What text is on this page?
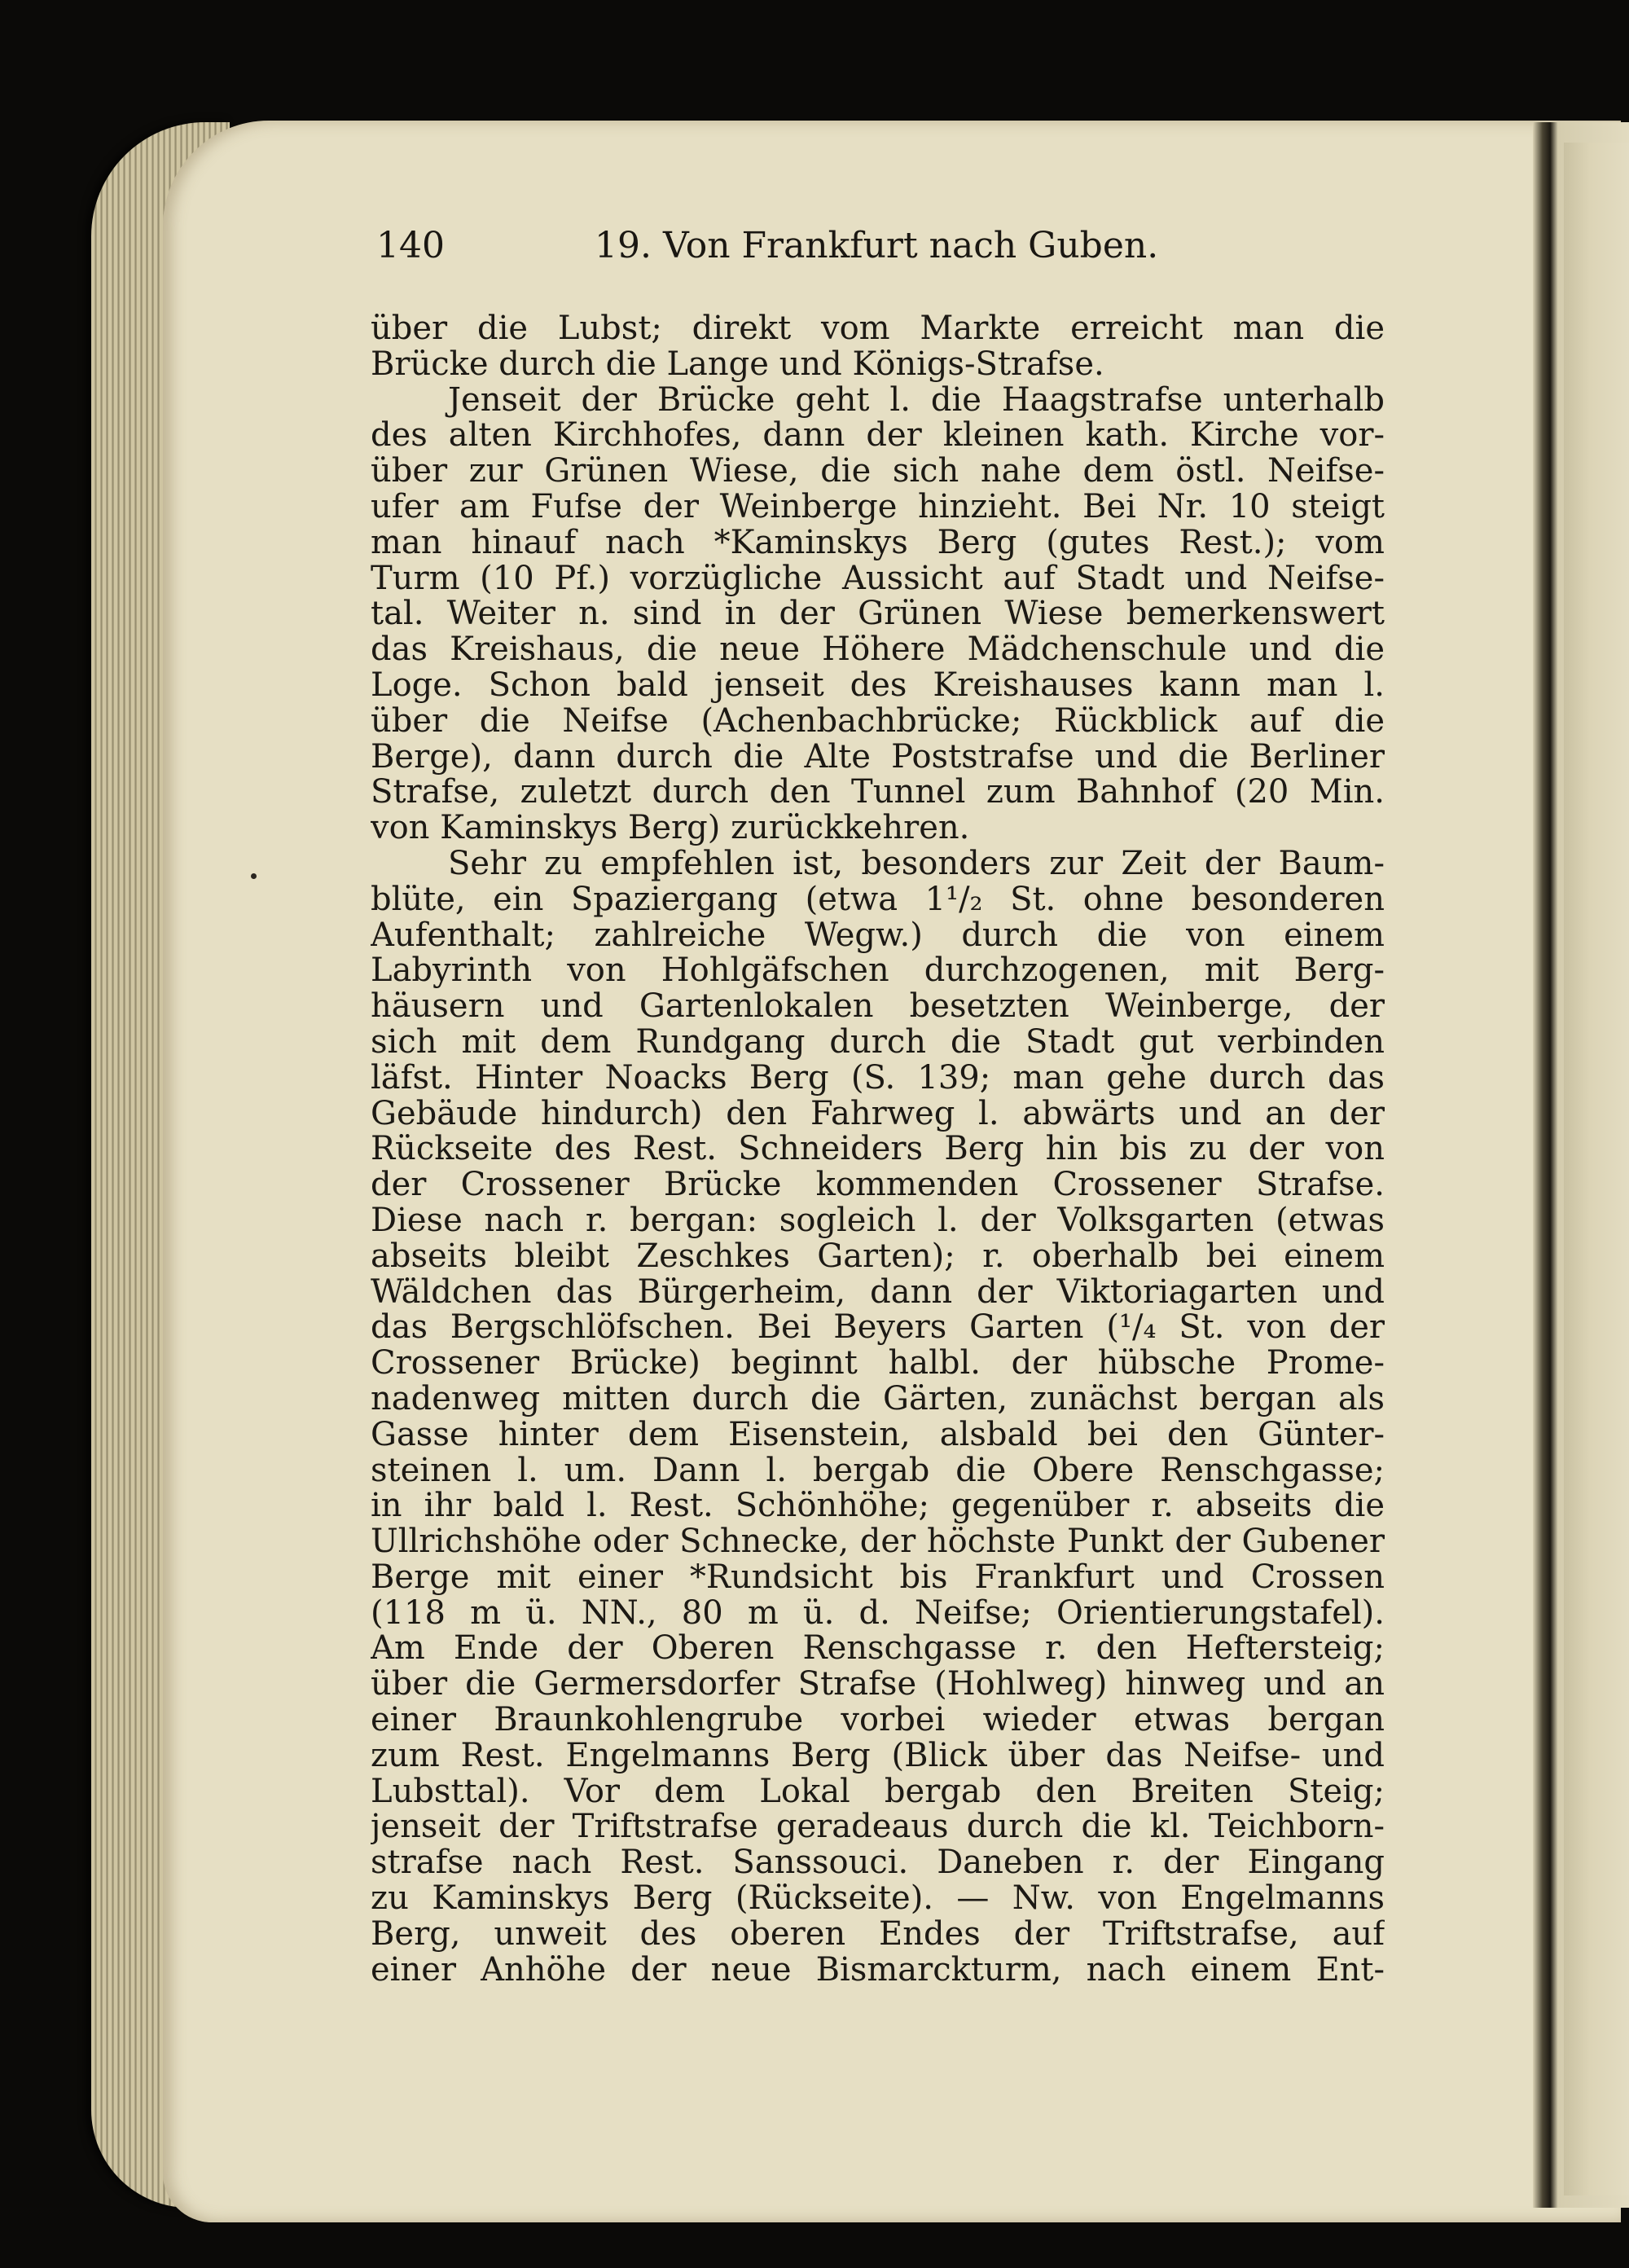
140	19. Von Frankfurt nach Guben.
über die Lubst; direkt vom Markte erreicht man die
Brücke durch die Lange und Königs-Strafse.
Jenseit der Brücke geht l. die Haagstrafse unterhalb
des alten Kirchhofes, dann der kleinen kath. Kirche vor-
über zur Grünen Wiese, die sich nahe dem östl. Neifse-
ufer am Fufse der Weinberge hinzieht. Bei Nr. 10 steigt
man hinauf nach *Kaminskys Berg (gutes Rest.); vom
Turm (10 Pf.) vorzügliche Aussicht auf Stadt und Neifse-
tal. Weiter n. sind in der Grünen Wiese bemerkenswert
das Kreishaus, die neue Höhere Mädchenschule und die
Loge. Schon bald jenseit des Kreishauses kann man l.
über die Neifse (Achenbachbrücke; Rückblick auf die
Berge), dann durch die Alte Poststrafse und die Berliner
Strafse, zuletzt durch den Tunnel zum Bahnhof (20 Min.
von Kaminskys Berg) zurückkehren.
Sehr zu empfehlen ist, besonders zur Zeit der Baum-
blüte, ein Spaziergang (etwa 1¹/₂ St. ohne besonderen
Aufenthalt; zahlreiche Wegw.) durch die von einem
Labyrinth von Hohlgäfschen durchzogenen, mit Berg-
häusern und Gartenlokalen besetzten Weinberge, der
sich mit dem Rundgang durch die Stadt gut verbinden
läfst. Hinter Noacks Berg (S. 139; man gehe durch das
Gebäude hindurch) den Fahrweg l. abwärts und an der
Rückseite des Rest. Schneiders Berg hin bis zu der von
der Crossener Brücke kommenden Crossener Strafse.
Diese nach r. bergan: sogleich l. der Volksgarten (etwas
abseits bleibt Zeschkes Garten); r. oberhalb bei einem
Wäldchen das Bürgerheim, dann der Viktoriagarten und
das Bergschlöfschen. Bei Beyers Garten (¹/₄ St. von der
Crossener Brücke) beginnt halbl. der hübsche Prome-
nadenweg mitten durch die Gärten, zunächst bergan als
Gasse hinter dem Eisenstein, alsbald bei den Günter-
steinen l. um. Dann l. bergab die Obere Renschgasse;
in ihr bald l. Rest. Schönhöhe; gegenüber r. abseits die
Ullrichshöhe oder Schnecke, der höchste Punkt der Gubener
Berge mit einer *Rundsicht bis Frankfurt und Crossen
(118 m ü. NN., 80 m ü. d. Neifse; Orientierungstafel).
Am Ende der Oberen Renschgasse r. den Heftersteig;
über die Germersdorfer Strafse (Hohlweg) hinweg und an
einer Braunkohlengrube vorbei wieder etwas bergan
zum Rest. Engelmanns Berg (Blick über das Neifse- und
Lubsttal). Vor dem Lokal bergab den Breiten Steig;
jenseit der Triftstrafse geradeaus durch die kl. Teichborn-
strafse nach Rest. Sanssouci. Daneben r. der Eingang
zu Kaminskys Berg (Rückseite). — Nw. von Engelmanns
Berg, unweit des oberen Endes der Triftstrafse, auf
einer Anhöhe der neue Bismarckturm, nach einem Ent-
